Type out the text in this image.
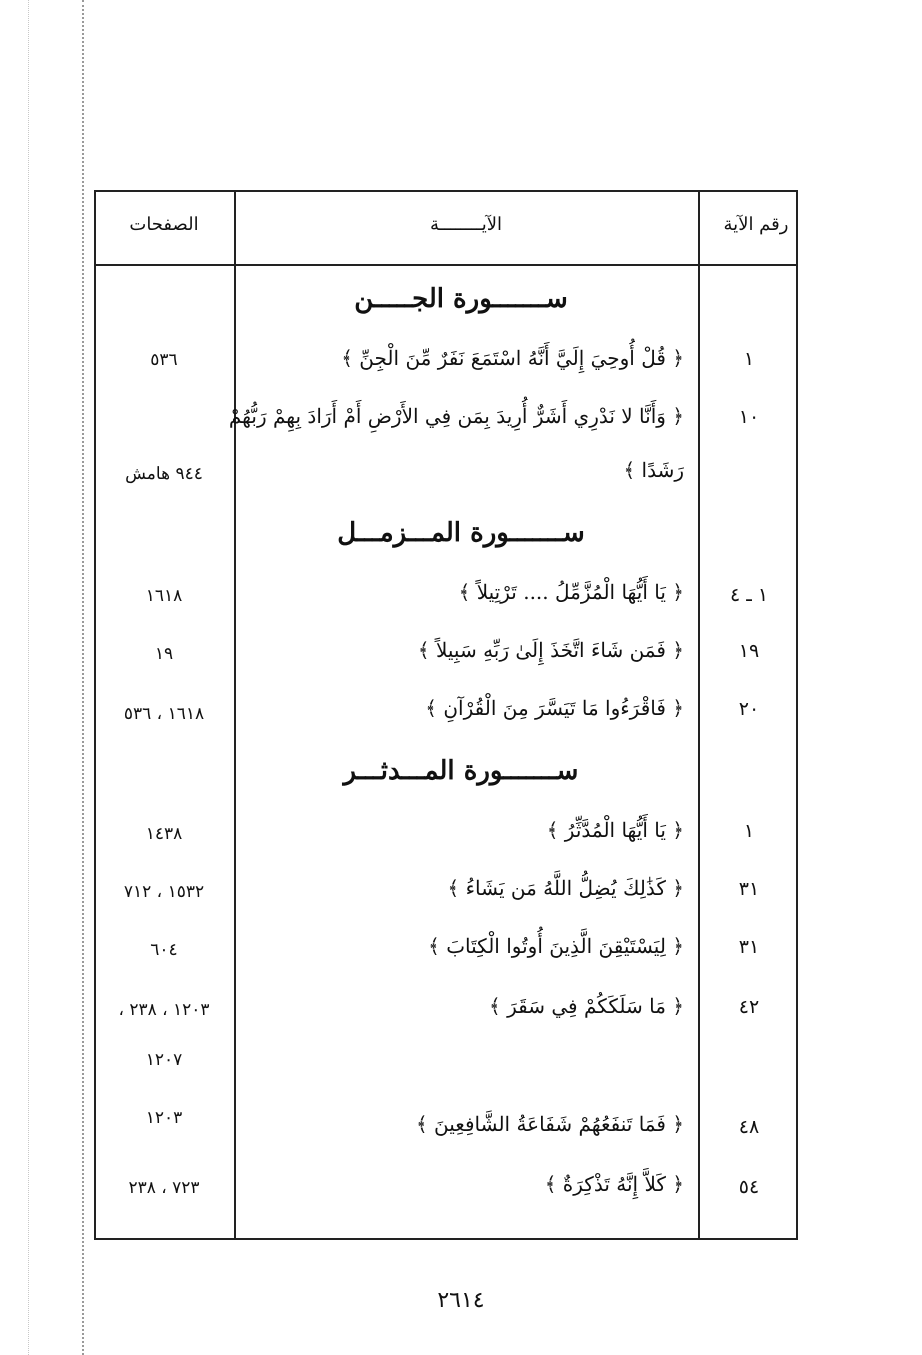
رقم الآية
الآيــــــــة
الصفحات
ســـــــورة الجـــــن
١
﴿ قُلْ أُوحِيَ إِلَيَّ أَنَّهُ اسْتَمَعَ نَفَرٌ مِّنَ الْجِنِّ ﴾
٥٣٦
١٠
﴿ وَأَنَّا لا نَدْرِي أَشَرٌّ أُرِيدَ بِمَن فِي الأَرْضِ أَمْ أَرَادَ بِهِمْ رَبُّهُمْ
رَشَدًا ﴾
٩٤٤ هامش
ســـــــورة المـــزمـــل
١ ـ ٤
﴿ يَا أَيُّهَا الْمُزَّمِّلُ .... تَرْتِيلاً ﴾
١٦١٨
١٩
﴿ فَمَن شَاءَ اتَّخَذَ إِلَىٰ رَبِّهِ سَبِيلاً ﴾
١٩
٢٠
﴿ فَاقْرَءُوا مَا تَيَسَّرَ مِنَ الْقُرْآنِ ﴾
١٦١٨ ، ٥٣٦
ســـــــورة المـــدثـــر
١
﴿ يَا أَيُّهَا الْمُدَّثِّرُ ﴾
١٤٣٨
٣١
﴿ كَذَٰلِكَ يُضِلُّ اللَّهُ مَن يَشَاءُ ﴾
١٥٣٢ ، ٧١٢
٣١
﴿ لِيَسْتَيْقِنَ الَّذِينَ أُوتُوا الْكِتَابَ ﴾
٦٠٤
٤٢
﴿ مَا سَلَكَكُمْ فِي سَقَرَ ﴾
١٢٠٣ ، ٢٣٨ ،
١٢٠٧
٤٨
﴿ فَمَا تَنفَعُهُمْ شَفَاعَةُ الشَّافِعِينَ ﴾
١٢٠٣
٥٤
﴿ كَلاَّ إِنَّهُ تَذْكِرَةٌ ﴾
٧٢٣ ، ٢٣٨
٢٦١٤
